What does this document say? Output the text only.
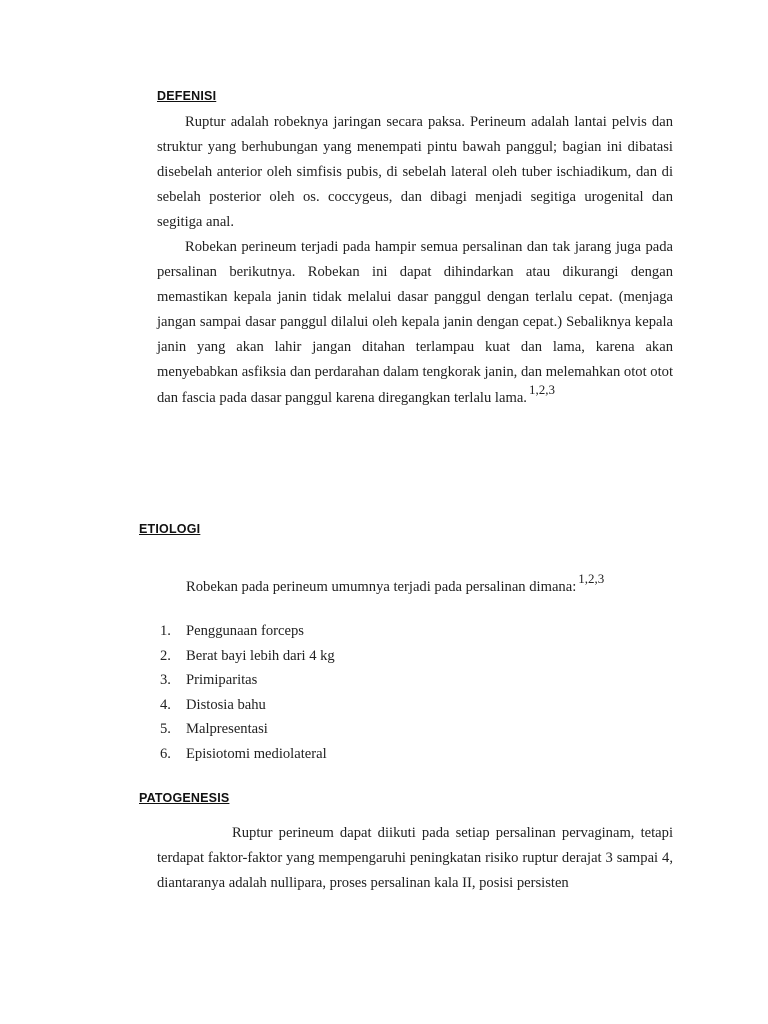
DEFENISI

Ruptur adalah robeknya jaringan secara paksa. Perineum adalah lantai pelvis dan struktur yang berhubungan yang menempati pintu bawah panggul; bagian ini dibatasi disebelah anterior oleh simfisis pubis, di sebelah lateral oleh tuber ischiadikum, dan di sebelah posterior oleh os. coccygeus, dan dibagi menjadi segitiga urogenital dan segitiga anal.

Robekan perineum terjadi pada hampir semua persalinan dan tak jarang juga pada persalinan berikutnya. Robekan ini dapat dihindarkan atau dikurangi dengan memastikan kepala janin tidak melalui dasar panggul dengan terlalu cepat. (menjaga jangan sampai dasar panggul dilalui oleh kepala janin dengan cepat.) Sebaliknya kepala janin yang akan lahir jangan ditahan terlampau kuat dan lama, karena akan menyebabkan asfiksia dan perdarahan dalam tengkorak janin, dan melemahkan otot otot dan fascia pada dasar panggul karena diregangkan terlalu lama.1,2,3

ETIOLOGI
Robekan pada perineum umumnya terjadi pada persalinan dimana:1,2,3
1. Penggunaan forceps
2. Berat bayi lebih dari 4 kg
3. Primiparitas
4. Distosia bahu
5. Malpresentasi
6. Episiotomi mediolateral
PATOGENESIS

Ruptur perineum dapat diikuti pada setiap persalinan pervaginam, tetapi terdapat faktor-faktor yang mempengaruhi peningkatan risiko ruptur derajat 3 sampai 4, diantaranya adalah nullipara, proses persalinan kala II, posisi persisten
